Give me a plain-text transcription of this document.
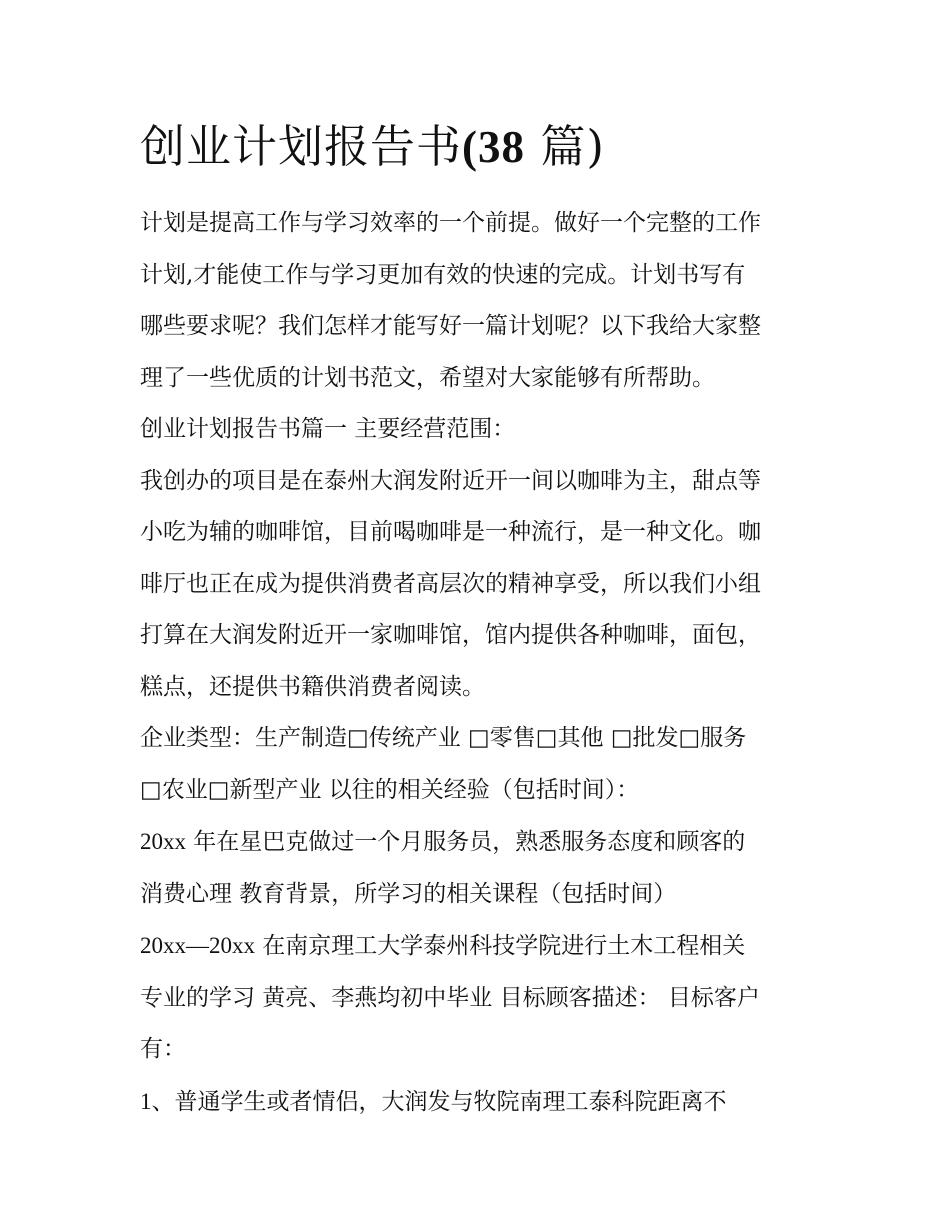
创业计划报告书(38 篇)

计划是提高工作与学习效率的一个前提。做好一个完整的工作
计划,才能使工作与学习更加有效的快速的完成。计划书写有
哪些要求呢？我们怎样才能写好一篇计划呢？以下我给大家整
理了一些优质的计划书范文，希望对大家能够有所帮助。

创业计划报告书篇一 主要经营范围：

我创办的项目是在泰州大润发附近开一间以咖啡为主，甜点等
小吃为辅的咖啡馆，目前喝咖啡是一种流行，是一种文化。咖
啡厅也正在成为提供消费者高层次的精神享受，所以我们小组
打算在大润发附近开一家咖啡馆，馆内提供各种咖啡，面包，
糕点，还提供书籍供消费者阅读。

企业类型：生产制造□传统产业 □零售□其他 □批发□服务
□农业□新型产业 以往的相关经验（包括时间）：

20xx 年在星巴克做过一个月服务员，熟悉服务态度和顾客的
消费心理 教育背景，所学习的相关课程（包括时间）

20xx—20xx 在南京理工大学泰州科技学院进行土木工程相关
专业的学习 黄亮、李燕均初中毕业 目标顾客描述： 目标客户
有：

1、普通学生或者情侣，大润发与牧院南理工泰科院距离不
